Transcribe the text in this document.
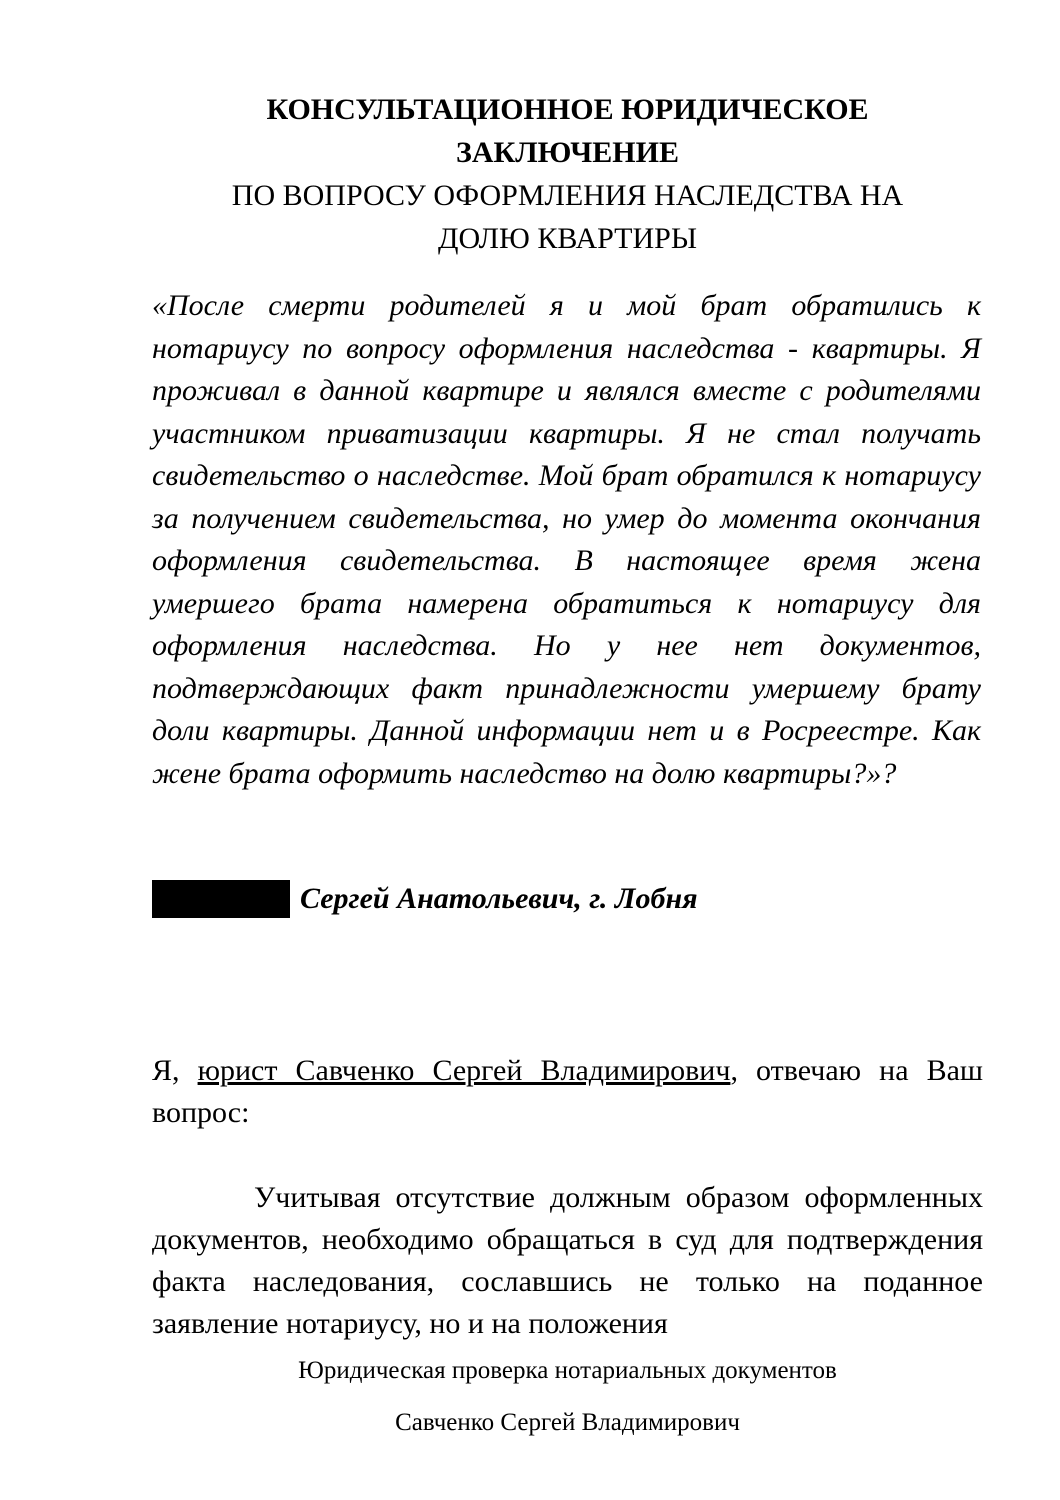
КОНСУЛЬТАЦИОННОЕ ЮРИДИЧЕСКОЕ

ЗАКЛЮЧЕНИЕ

ПО ВОПРОСУ ОФОРМЛЕНИЯ НАСЛЕДСТВА НА

ДОЛЮ КВАРТИРЫ

«После смерти родителей я и мой брат обратились к нотариусу по вопросу оформления наследства - квартиры. Я проживал в данной квартире и являлся вместе с родителями участником приватизации квартиры. Я не стал получать свидетельство о наследстве. Мой брат обратился к нотариусу за получением свидетельства, но умер до момента окончания оформления свидетельства. В настоящее время жена умершего брата намерена обратиться к нотариусу для оформления наследства. Но у нее нет документов, подтверждающих факт принадлежности умершему брату доли квартиры. Данной информации нет и в Росреестре. Как жене брата оформить наследство на долю квартиры?»?

Сергей Анатольевич, г. Лобня

Я, юрист Савченко Сергей Владимирович, отвечаю на Ваш вопрос:

Учитывая отсутствие должным образом оформленных документов, необходимо обращаться в суд для подтверждения факта наследования, сославшись не только на поданное заявление нотариусу, но и на положения

Юридическая проверка нотариальных документов

Савченко Сергей Владимирович
